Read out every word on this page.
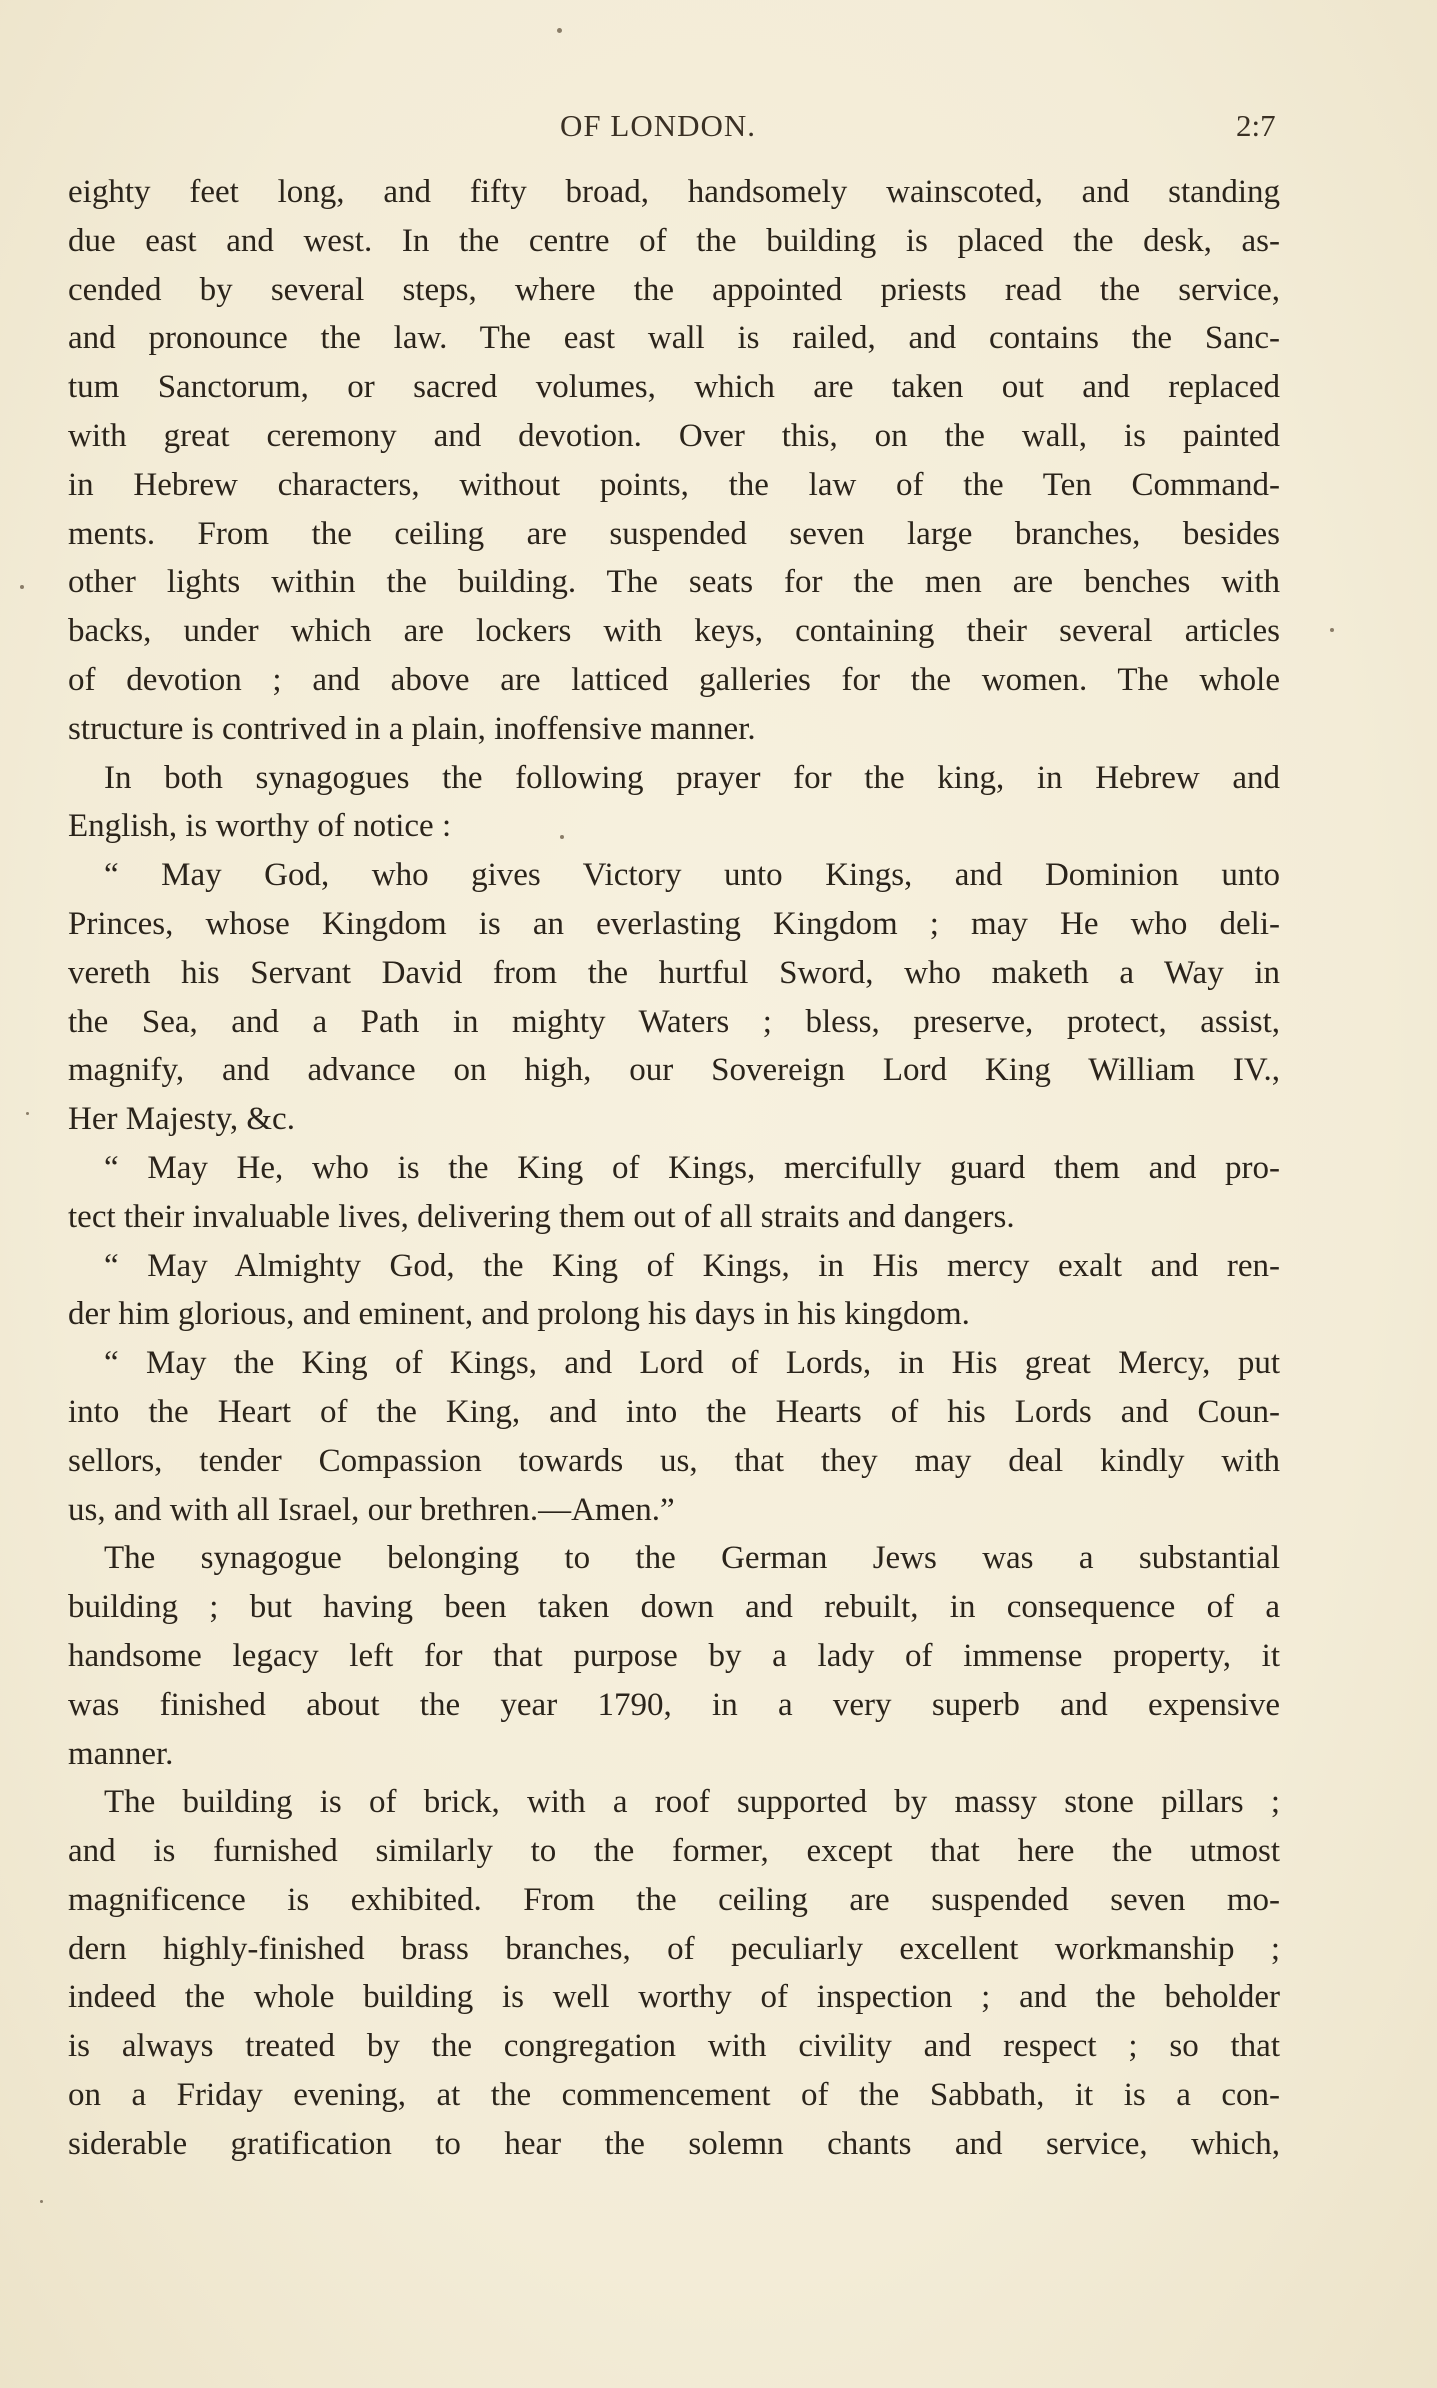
OF LONDON.	2:7
eighty feet long, and fifty broad, handsomely wainscoted, and standing
due east and west. In the centre of the building is placed the desk, as-
cended by several steps, where the appointed priests read the service,
and pronounce the law. The east wall is railed, and contains the Sanc-
tum Sanctorum, or sacred volumes, which are taken out and replaced
with great ceremony and devotion. Over this, on the wall, is painted
in Hebrew characters, without points, the law of the Ten Command-
ments. From the ceiling are suspended seven large branches, besides
other lights within the building. The seats for the men are benches with
backs, under which are lockers with keys, containing their several articles
of devotion ; and above are latticed galleries for the women. The whole
structure is contrived in a plain, inoffensive manner.
In both synagogues the following prayer for the king, in Hebrew and
English, is worthy of notice :
“ May God, who gives Victory unto Kings, and Dominion unto
Princes, whose Kingdom is an everlasting Kingdom ; may He who deli-
vereth his Servant David from the hurtful Sword, who maketh a Way in
the Sea, and a Path in mighty Waters ; bless, preserve, protect, assist,
magnify, and advance on high, our Sovereign Lord King William IV.,
Her Majesty, &c.
“ May He, who is the King of Kings, mercifully guard them and pro-
tect their invaluable lives, delivering them out of all straits and dangers.
“ May Almighty God, the King of Kings, in His mercy exalt and ren-
der him glorious, and eminent, and prolong his days in his kingdom.
“ May the King of Kings, and Lord of Lords, in His great Mercy, put
into the Heart of the King, and into the Hearts of his Lords and Coun-
sellors, tender Compassion towards us, that they may deal kindly with
us, and with all Israel, our brethren.—Amen.”
The synagogue belonging to the German Jews was a substantial
building ; but having been taken down and rebuilt, in consequence of a
handsome legacy left for that purpose by a lady of immense property, it
was finished about the year 1790, in a very superb and expensive
manner.
The building is of brick, with a roof supported by massy stone pillars ;
and is furnished similarly to the former, except that here the utmost
magnificence is exhibited. From the ceiling are suspended seven mo-
dern highly-finished brass branches, of peculiarly excellent workmanship ;
indeed the whole building is well worthy of inspection ; and the beholder
is always treated by the congregation with civility and respect ; so that
on a Friday evening, at the commencement of the Sabbath, it is a con-
siderable gratification to hear the solemn chants and service, which,
